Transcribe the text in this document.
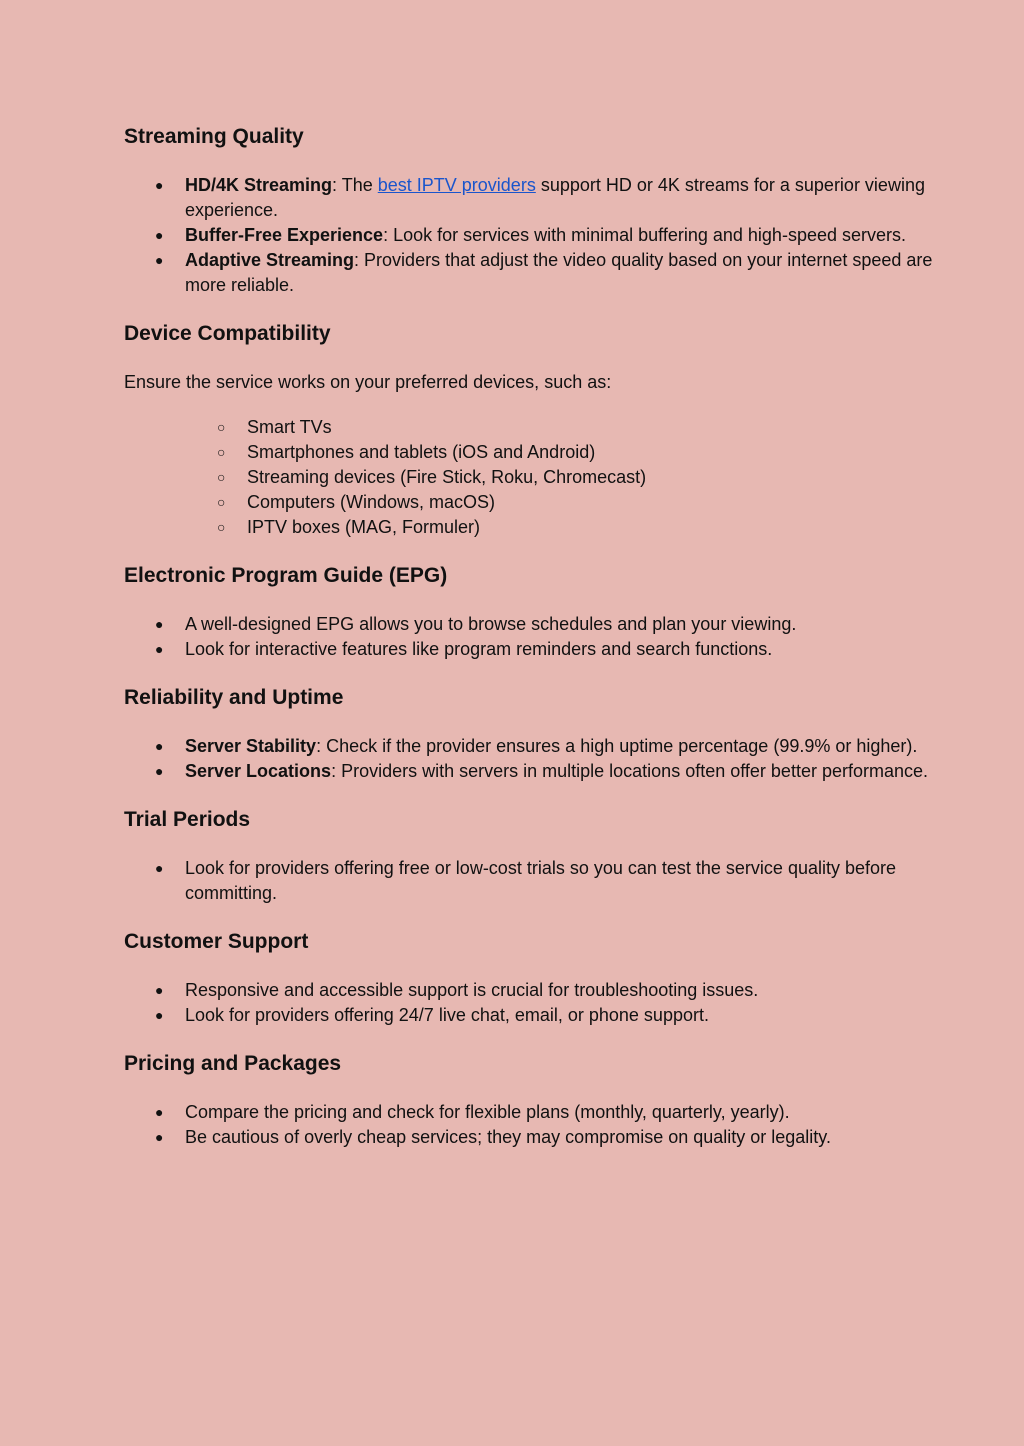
Streaming Quality
● HD/4K Streaming: The best IPTV providers support HD or 4K streams for a superior viewing experience.
● Buffer-Free Experience: Look for services with minimal buffering and high-speed servers.
● Adaptive Streaming: Providers that adjust the video quality based on your internet speed are more reliable.
Device Compatibility

Ensure the service works on your preferred devices, such as:

○ Smart TVs
○ Smartphones and tablets (iOS and Android)
○ Streaming devices (Fire Stick, Roku, Chromecast)
○ Computers (Windows, macOS)
○ IPTV boxes (MAG, Formuler)
Electronic Program Guide (EPG)
● A well-designed EPG allows you to browse schedules and plan your viewing.
● Look for interactive features like program reminders and search functions.
Reliability and Uptime
● Server Stability: Check if the provider ensures a high uptime percentage (99.9% or higher).
● Server Locations: Providers with servers in multiple locations often offer better performance.
Trial Periods
● Look for providers offering free or low-cost trials so you can test the service quality before committing.
Customer Support
● Responsive and accessible support is crucial for troubleshooting issues.
● Look for providers offering 24/7 live chat, email, or phone support.
Pricing and Packages
● Compare the pricing and check for flexible plans (monthly, quarterly, yearly).
● Be cautious of overly cheap services; they may compromise on quality or legality.
